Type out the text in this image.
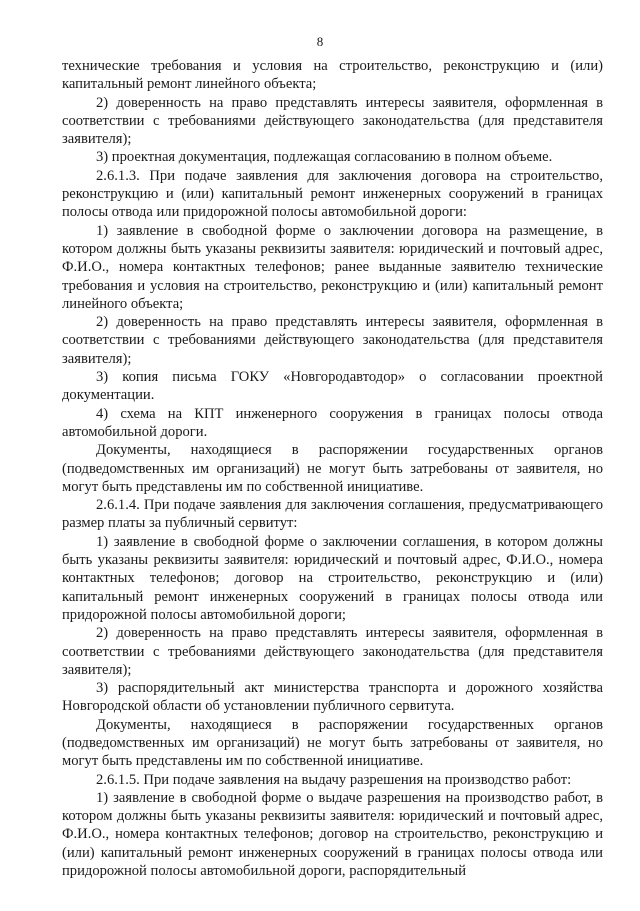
8

технические требования и условия на строительство, реконструкцию и (или) капитальный ремонт линейного объекта;

2) доверенность на право представлять интересы заявителя, оформленная в соответствии с требованиями действующего законодательства (для представителя заявителя);

3) проектная документация, подлежащая согласованию в полном объеме.

2.6.1.3. При подаче заявления для заключения договора на строительство, реконструкцию и (или) капитальный ремонт инженерных сооружений в границах полосы отвода или придорожной полосы автомобильной дороги:

1) заявление в свободной форме о заключении договора на размещение, в котором должны быть указаны реквизиты заявителя: юридический и почтовый адрес, Ф.И.О., номера контактных телефонов; ранее выданные заявителю технические требования и условия на строительство, реконструкцию и (или) капитальный ремонт линейного объекта;

2) доверенность на право представлять интересы заявителя, оформленная в соответствии с требованиями действующего законодательства (для представителя заявителя);

3) копия письма ГОКУ «Новгородавтодор» о согласовании проектной документации.

4) схема на КПТ инженерного сооружения в границах полосы отвода автомобильной дороги.

Документы, находящиеся в распоряжении государственных органов (подведомственных им организаций) не могут быть затребованы от заявителя, но могут быть представлены им по собственной инициативе.

2.6.1.4. При подаче заявления для заключения соглашения, предусматривающего размер платы за публичный сервитут:

1) заявление в свободной форме о заключении соглашения, в котором должны быть указаны реквизиты заявителя: юридический и почтовый адрес, Ф.И.О., номера контактных телефонов; договор на строительство, реконструкцию и (или) капитальный ремонт инженерных сооружений в границах полосы отвода или придорожной полосы автомобильной дороги;

2) доверенность на право представлять интересы заявителя, оформленная в соответствии с требованиями действующего законодательства (для представителя заявителя);

3) распорядительный акт министерства транспорта и дорожного хозяйства Новгородской области об установлении публичного сервитута.

Документы, находящиеся в распоряжении государственных органов (подведомственных им организаций) не могут быть затребованы от заявителя, но могут быть представлены им по собственной инициативе.

2.6.1.5. При подаче заявления на выдачу разрешения на производство работ:

1) заявление в свободной форме о выдаче разрешения на производство работ, в котором должны быть указаны реквизиты заявителя: юридический и почтовый адрес, Ф.И.О., номера контактных телефонов; договор на строительство, реконструкцию и (или) капитальный ремонт инженерных сооружений в границах полосы отвода или придорожной полосы автомобильной дороги, распорядительный
